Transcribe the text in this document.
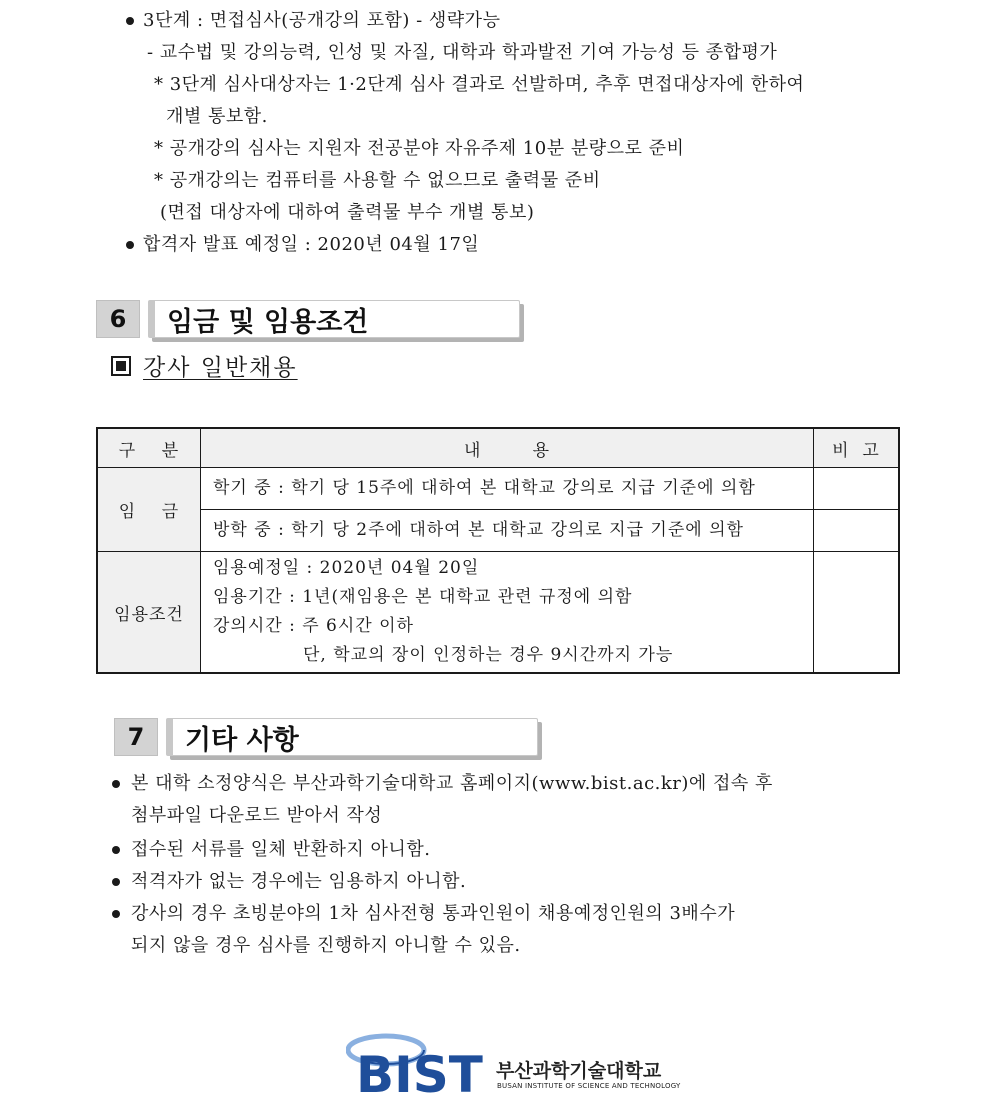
3단계 : 면접심사(공개강의 포함) - 생략가능
- 교수법 및 강의능력, 인성 및 자질, 대학과 학과발전 기여 가능성 등 종합평가
* 3단계 심사대상자는 1·2단계 심사 결과로 선발하며, 추후 면접대상자에 한하여
개별 통보함.
* 공개강의 심사는 지원자 전공분야 자유주제 10분 분량으로 준비
* 공개강의는 컴퓨터를 사용할 수 없으므로 출력물 준비
(면접 대상자에 대하여 출력물 부수 개별 통보)
합격자 발표 예정일 : 2020년 04월 17일
6	임금 및 임용조건
강사 일반채용
구    분	내        용	비  고
임    금	학기 중 : 학기 당 15주에 대하여 본 대학교 강의로 지급 기준에 의함	

	방학 중 : 학기 당 2주에 대하여 본 대학교 강의로 지급 기준에 의함	

임용조건	임용예정일 : 2020년 04월 20일
임용기간 : 1년(재임용은 본 대학교 관련 규정에 의함
강의시간 : 주 6시간 이하
단, 학교의 장이 인정하는 경우 9시간까지 가능	

7	기타 사항
본 대학 소정양식은 부산과학기술대학교 홈페이지(www.bist.ac.kr)에 접속 후
첨부파일 다운로드 받아서 작성
접수된 서류를 일체 반환하지 아니함.
적격자가 없는 경우에는 임용하지 아니함.
강사의 경우 초빙분야의 1차 심사전형 통과인원이 채용예정인원의 3배수가
되지 않을 경우 심사를 진행하지 아니할 수 있음.
BIST 부산과학기술대학교
BUSAN INSTITUTE OF SCIENCE AND TECHNOLOGY
